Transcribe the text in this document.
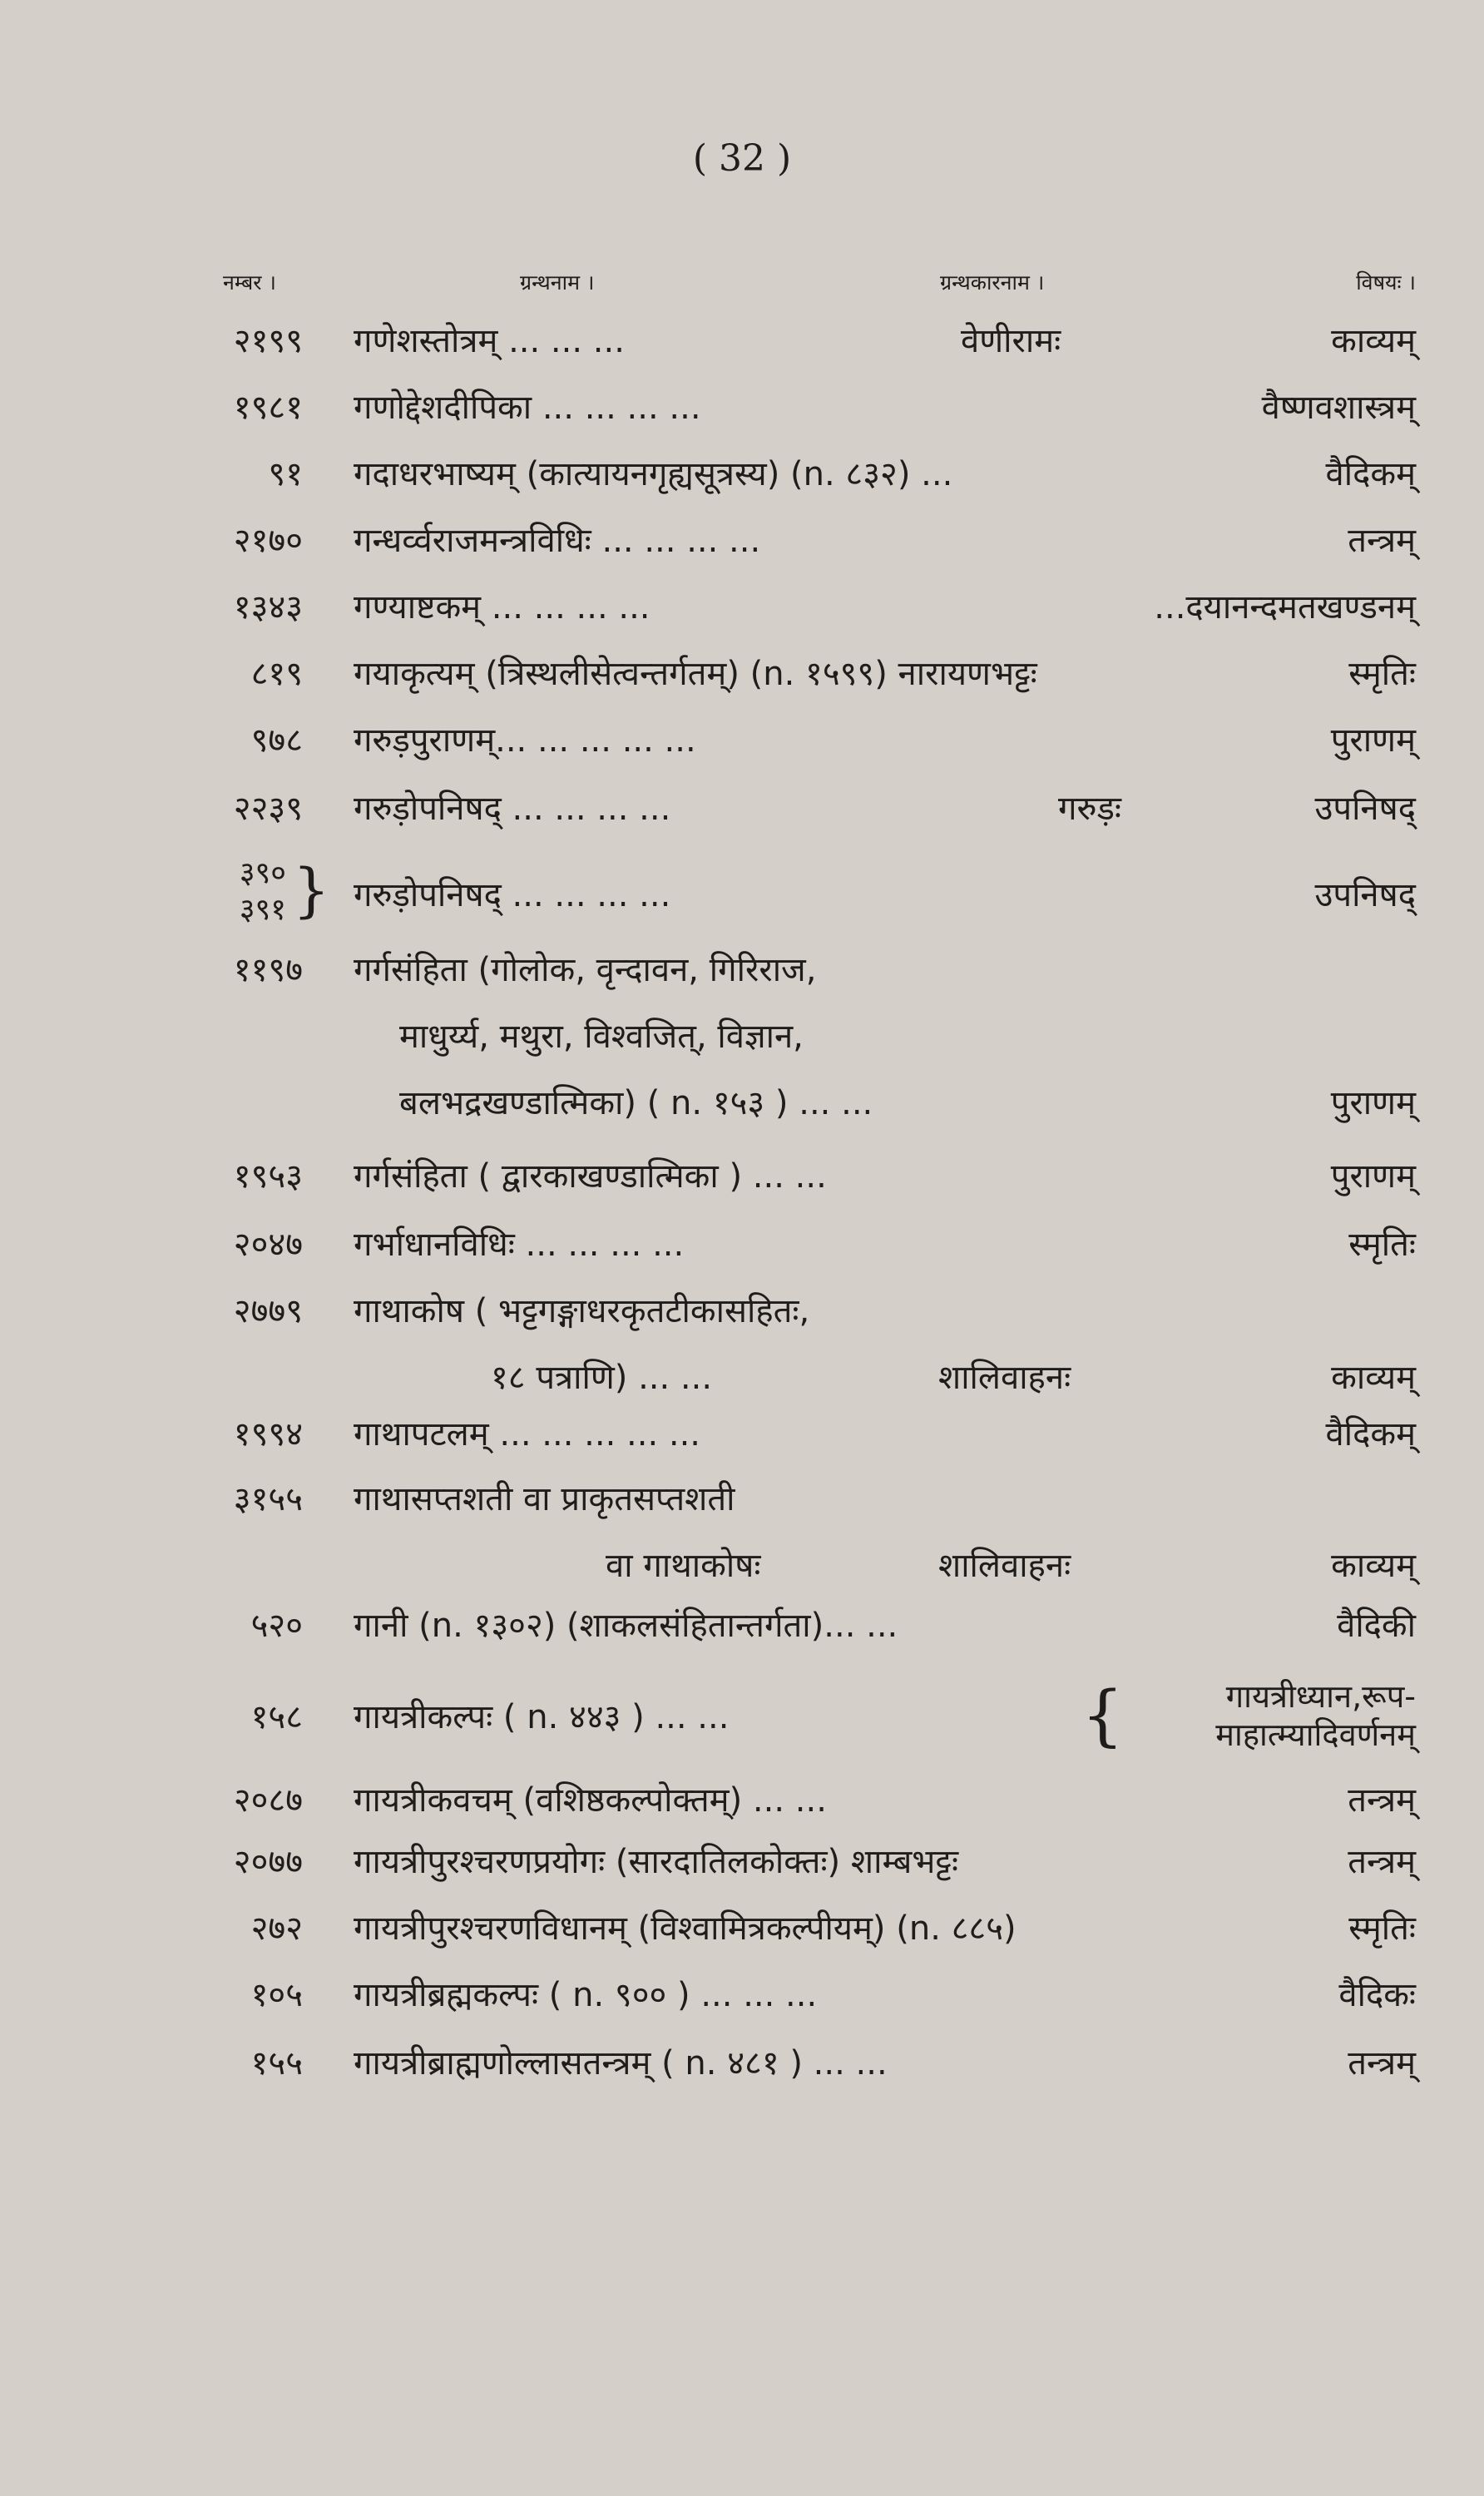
( 32 )
नम्बर ।	ग्रन्थनाम ।	ग्रन्थकारनाम ।	विषयः ।
२१९९ गणेशस्तोत्रम् ... ... ...	वेणीरामः	काव्यम्
१९८१ गणोद्देशदीपिका ... ... ... ...	वैष्णवशास्त्रम्
९१ गदाधरभाष्यम् (कात्यायनगृह्यसूत्रस्य) (n. ८३२) ...	वैदिकम्
२१७० गन्धर्व्वराजमन्त्रविधिः ... ... ... ...	तन्त्रम्
१३४३ गण्याष्टकम् ... ... ... ...	...दयानन्दमतखण्डनम्
८१९ गयाकृत्यम् (त्रिस्थलीसेत्वन्तर्गतम्) (n. १५९९) नारायणभट्टः	स्मृतिः
९७८ गरुड़पुराणम्... ... ... ... ...	पुराणम्
२२३९ गरुड़ोपनिषद् ... ... ... ...	गरुड़ः	उपनिषद्
३९०
३९१ } गरुड़ोपनिषद् ... ... ... ...	उपनिषद्
११९७ गर्गसंहिता (गोलोक, वृन्दावन, गिरिराज,
माधुर्य्य, मथुरा, विश्वजित्, विज्ञान,
बलभद्रखण्डात्मिका) ( n. १५३ ) ... ...	पुराणम्
१९५३ गर्गसंहिता ( द्वारकाखण्डात्मिका ) ... ...	पुराणम्
२०४७ गर्भाधानविधिः ... ... ... ...	स्मृतिः
२७७९ गाथाकोष ( भट्टगङ्गाधरकृतटीकासहितः,
१८ पत्राणि) ... ...	शालिवाहनः	काव्यम्
१९९४ गाथापटलम् ... ... ... ... ...	वैदिकम्
३१५५ गाथासप्तशती वा प्राकृतसप्तशती
वा गाथाकोषः	शालिवाहनः	काव्यम्
५२० गानी (n. १३०२) (शाकलसंहितान्तर्गता)... ...	वैदिकी
१५८ गायत्रीकल्पः ( n. ४४३ ) ... ...	{	गायत्रीध्यान,रूप-
माहात्म्यादिवर्णनम्
२०८७ गायत्रीकवचम् (वशिष्ठकल्पोक्तम्) ... ...	तन्त्रम्
२०७७ गायत्रीपुरश्चरणप्रयोगः (सारदातिलकोक्तः) शाम्बभट्टः	तन्त्रम्
२७२ गायत्रीपुरश्चरणविधानम् (विश्वामित्रकल्पीयम्) (n. ८८५)	स्मृतिः
१०५ गायत्रीब्रह्मकल्पः ( n. ९०० ) ... ... ...	वैदिकः
१५५ गायत्रीब्राह्मणोल्लासतन्त्रम् ( n. ४८१ ) ... ...	तन्त्रम्
